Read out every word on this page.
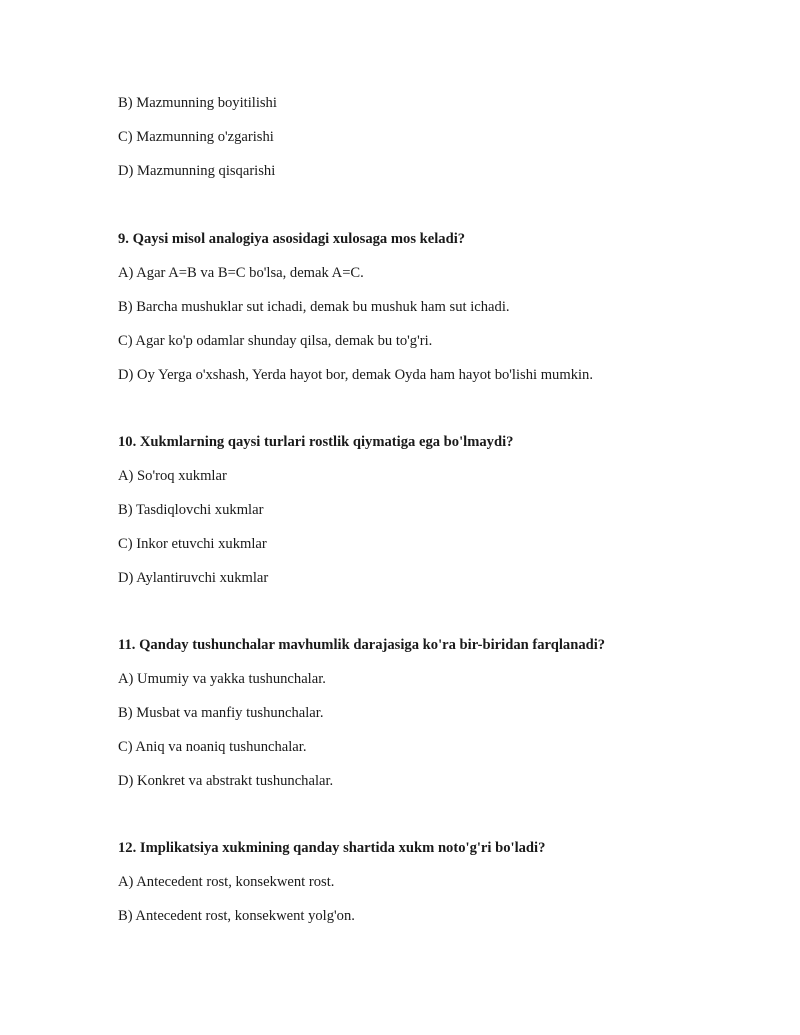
B) Mazmunning boyitilishi
C) Mazmunning o'zgarishi
D) Mazmunning qisqarishi
9. Qaysi misol analogiya asosidagi xulosaga mos keladi?
A) Agar A=B va B=C bo'lsa, demak A=C.
B) Barcha mushuklar sut ichadi, demak bu mushuk ham sut ichadi.
C) Agar ko'p odamlar shunday qilsa, demak bu to'g'ri.
D) Oy Yerga o'xshash, Yerda hayot bor, demak Oyda ham hayot bo'lishi mumkin.
10. Xukmlarning qaysi turlari rostlik qiymatiga ega bo'lmaydi?
A) So'roq xukmlar
B) Tasdiqlovchi xukmlar
C) Inkor etuvchi xukmlar
D) Aylantiruvchi xukmlar
11. Qanday tushunchalar mavhumlik darajasiga ko'ra bir-biridan farqlanadi?
A) Umumiy va yakka tushunchalar.
B) Musbat va manfiy tushunchalar.
C) Aniq va noaniq tushunchalar.
D) Konkret va abstrakt tushunchalar.
12. Implikatsiya xukmining qanday shartida xukm noto'g'ri bo'ladi?
A) Antecedent rost, konsekwent rost.
B) Antecedent rost, konsekwent yolg'on.
